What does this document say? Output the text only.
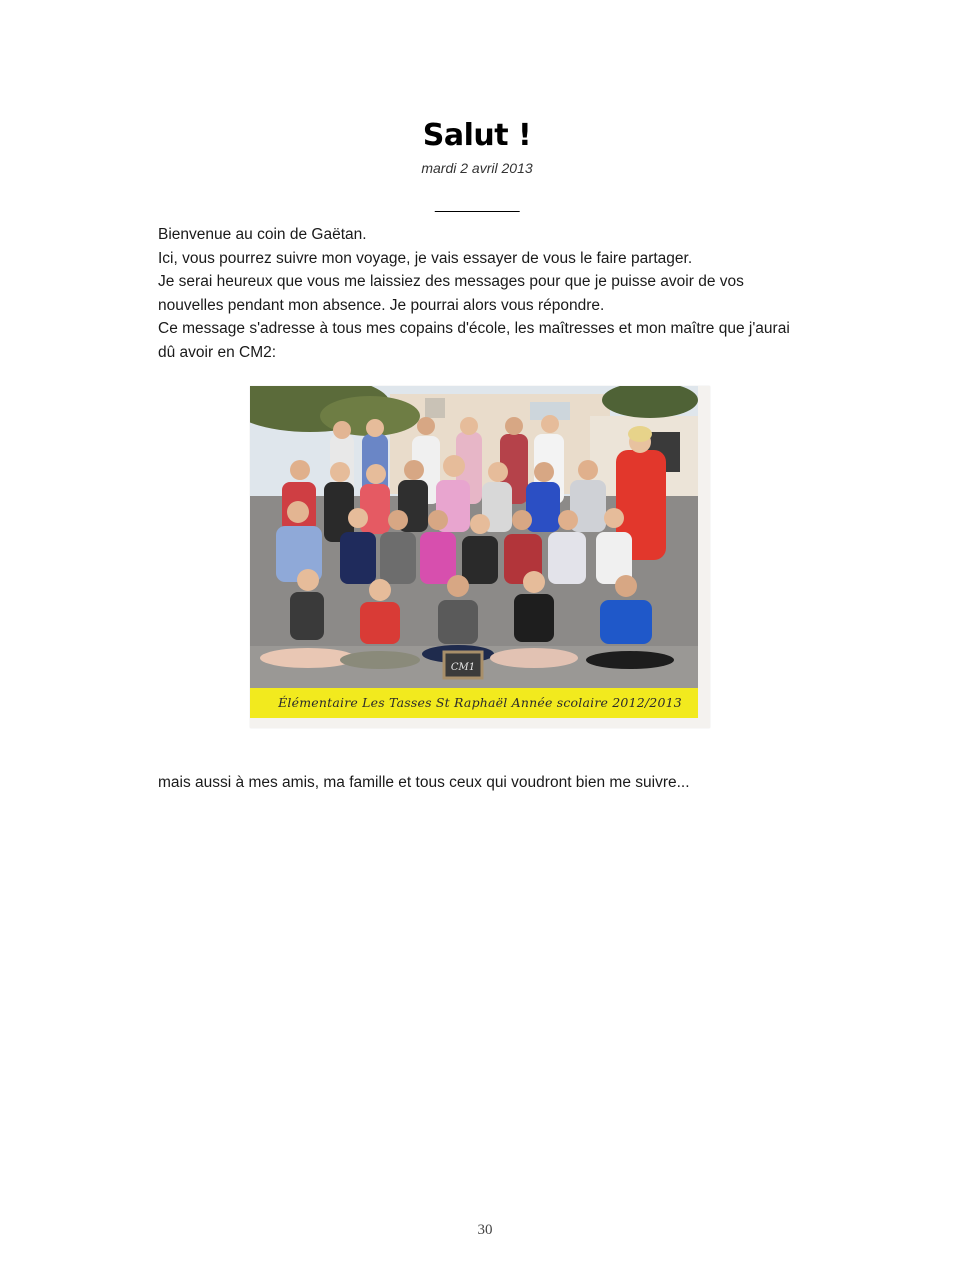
Salut !
mardi 2 avril 2013
__________

Bienvenue au coin de Gaëtan.

Ici, vous pourrez suivre mon voyage, je vais essayer de vous le faire partager.

Je serai heureux que vous me laissiez des messages pour que je puisse avoir de vos nouvelles pendant mon absence. Je pourrai alors vous répondre.

Ce message s'adresse à tous mes copains d'école, les maîtresses et mon maître que j'aurai dû avoir en CM2:

CM1
Élémentaire Les Tasses St Raphaël Année scolaire 2012/2013
mais aussi à mes amis, ma famille et tous ceux qui voudront bien me suivre...
30
